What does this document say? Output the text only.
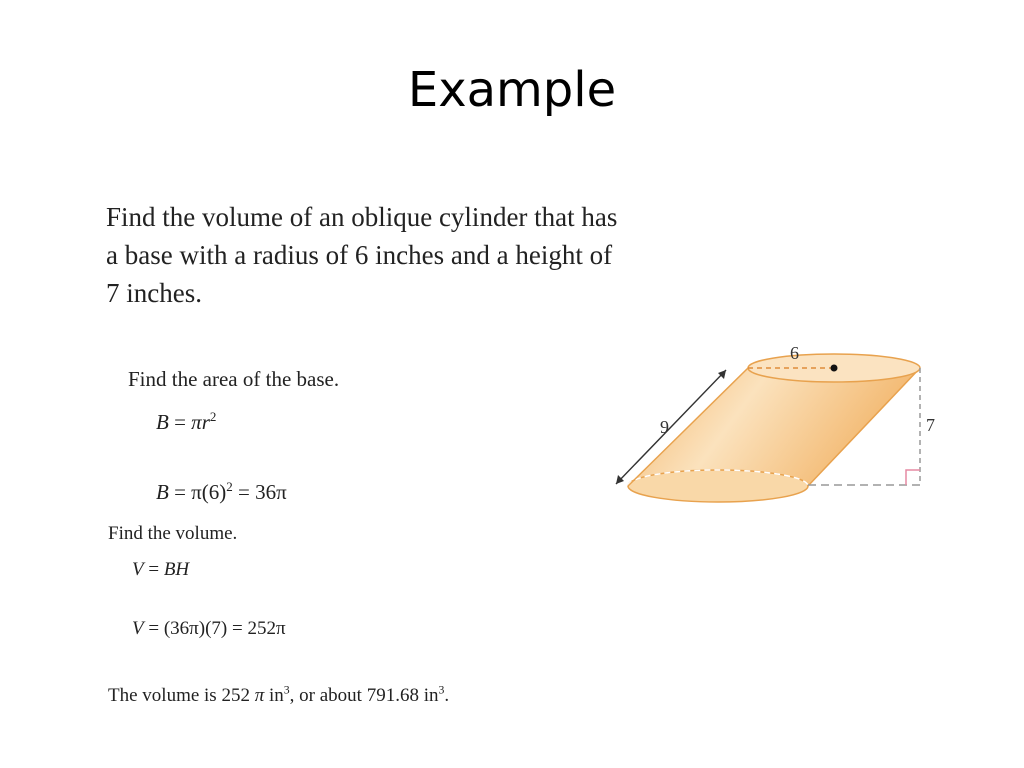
Example
Find the volume of an oblique cylinder that has
a base with a radius of 6 inches and a height of
7 inches.
Find the area of the base.
$B = \pi r^2$
$B = \pi(6)^2 = 36\pi$
Find the volume.
V = BH
V = (36π)(7) = 252π
The volume is 252 π $in^3$, or about 791.68 $in^3$.
6
9	7
